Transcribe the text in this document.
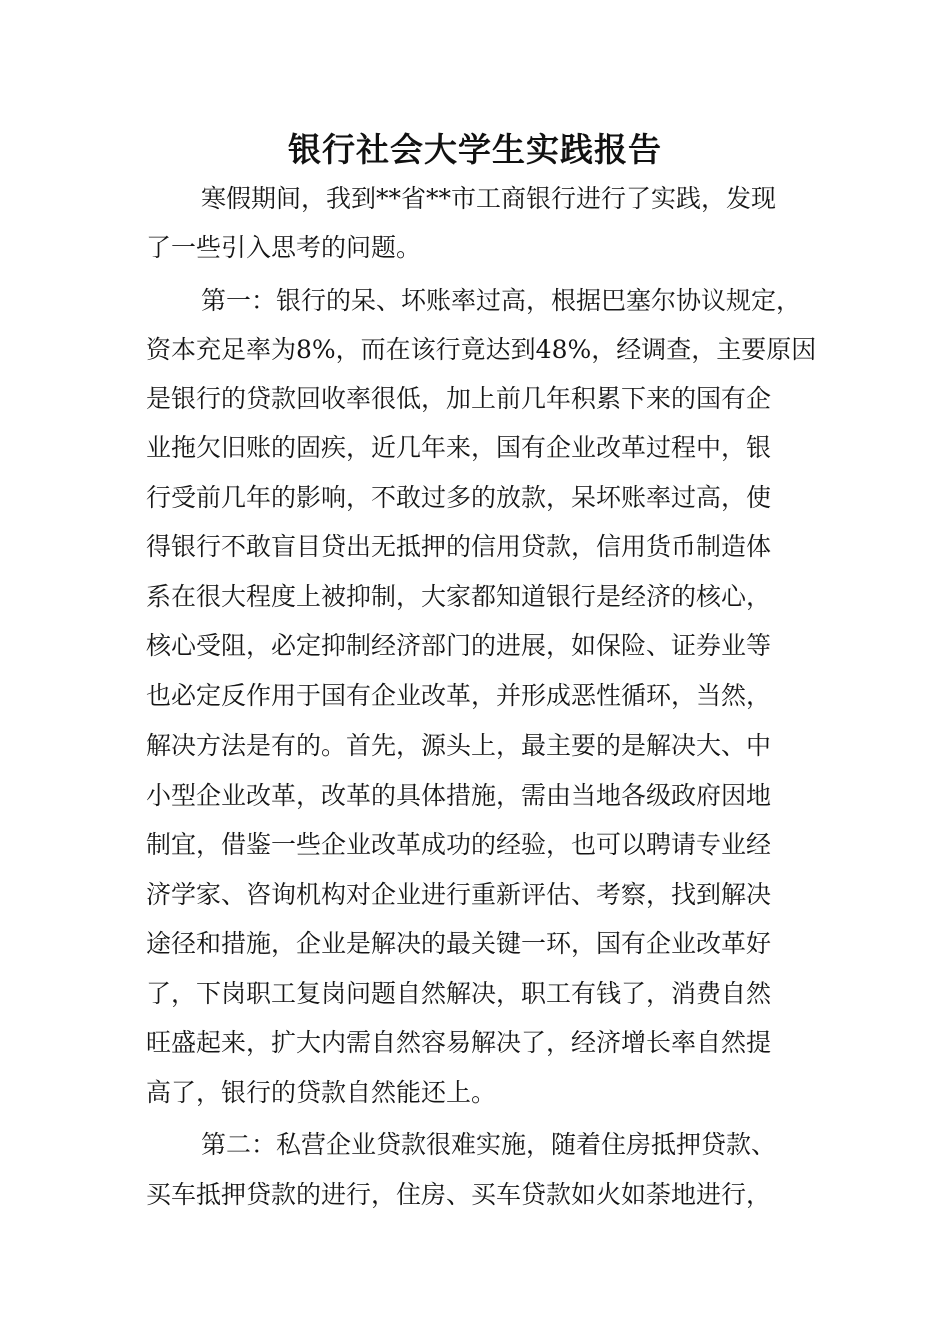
银行社会大学生实践报告
寒假期间，我到**省**市工商银行进行了实践，发现
了一些引入思考的问题。
第一：银行的呆、坏账率过高，根据巴塞尔协议规定，
资本充足率为8%，而在该行竟达到48%，经调查，主要原因
是银行的贷款回收率很低，加上前几年积累下来的国有企
业拖欠旧账的固疾，近几年来，国有企业改革过程中，银
行受前几年的影响，不敢过多的放款，呆坏账率过高，使
得银行不敢盲目贷出无抵押的信用贷款，信用货币制造体
系在很大程度上被抑制，大家都知道银行是经济的核心，
核心受阻，必定抑制经济部门的进展，如保险、证券业等
也必定反作用于国有企业改革，并形成恶性循环，当然，
解决方法是有的。首先，源头上，最主要的是解决大、中
小型企业改革，改革的具体措施，需由当地各级政府因地
制宜，借鉴一些企业改革成功的经验，也可以聘请专业经
济学家、咨询机构对企业进行重新评估、考察，找到解决
途径和措施，企业是解决的最关键一环，国有企业改革好
了，下岗职工复岗问题自然解决，职工有钱了，消费自然
旺盛起来，扩大内需自然容易解决了，经济增长率自然提
高了，银行的贷款自然能还上。
第二：私营企业贷款很难实施，随着住房抵押贷款、
买车抵押贷款的进行，住房、买车贷款如火如荼地进行，
